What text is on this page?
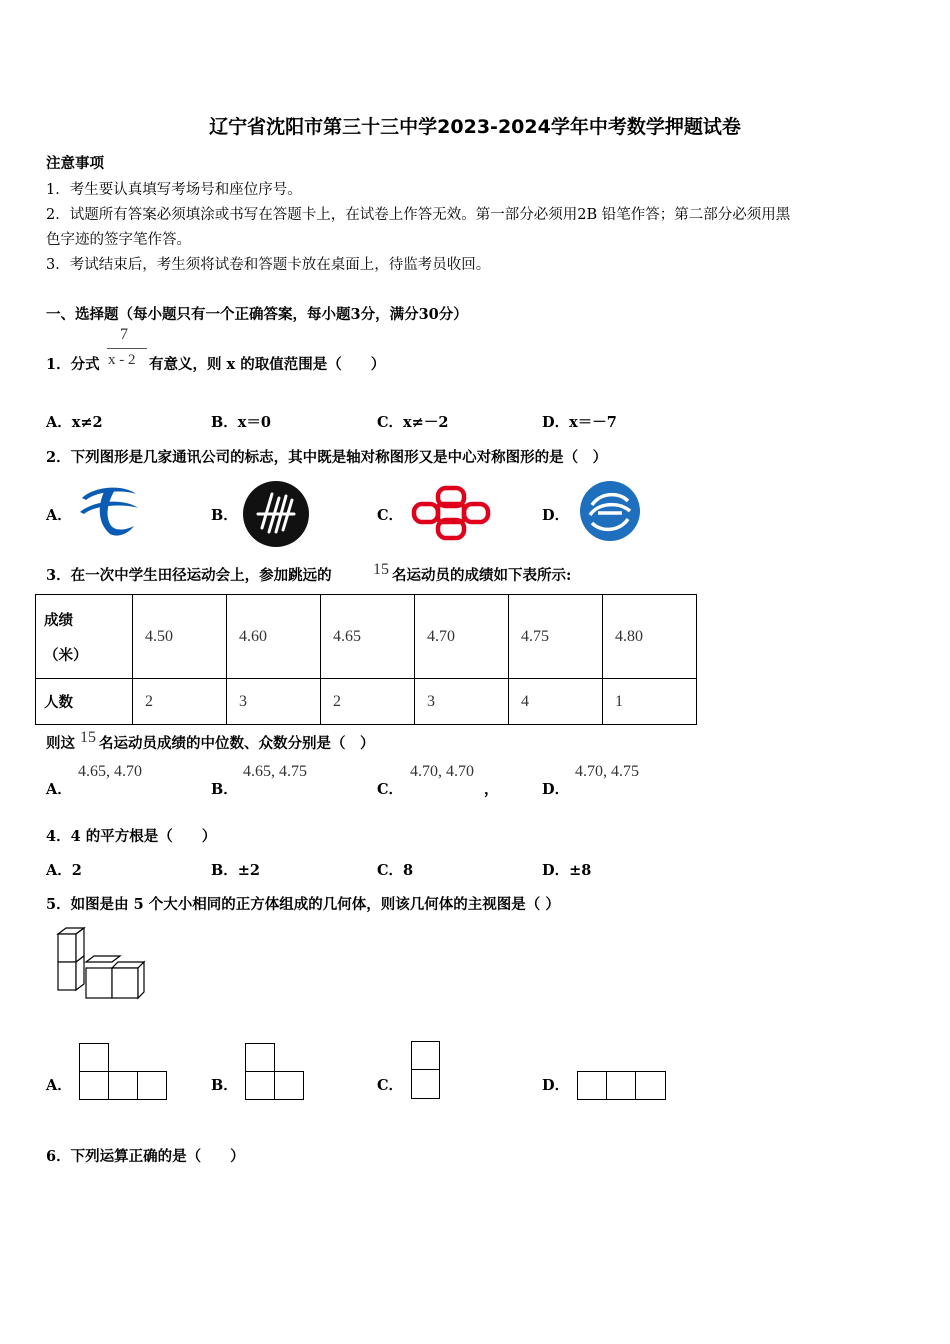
辽宁省沈阳市第三十三中学2023-2024学年中考数学押题试卷
注意事项
1．考生要认真填写考场号和座位序号。
2．试题所有答案必须填涂或书写在答题卡上，在试卷上作答无效。第一部分必须用2B 铅笔作答；第二部分必须用黑
色字迹的签字笔作答。
3．考试结束后，考生须将试卷和答题卡放在桌面上，待监考员收回。
一、选择题（每小题只有一个正确答案，每小题3分，满分30分）
1．分式
7
x - 2 有意义，则 x 的取值范围是（　　）
A．x≠2	B．x＝0	C．x≠－2	D．x＝－7
2．下列图形是几家通讯公司的标志，其中既是轴对称图形又是中心对称图形的是（　）
A．	B．	C．	D．
3．在一次中学生田径运动会上，参加跳远的	15 名运动员的成绩如下表所示:
成绩
（米）	4.50	4.60	4.65	4.70	4.75	4.80
人数	2	3	2	3	4	1
则这 15 名运动员成绩的中位数、众数分别是（　）
A．
4.65, 4.70
B．
4.65, 4.75
C．
4.70, 4.70
，	D．
4.70, 4.75
4．4 的平方根是（　　）
A．2	B．±2	C．8	D．±8
5．如图是由 5 个大小相同的正方体组成的几何体，则该几何体的主视图是（ ）
A．	B．	C．	D．
6．下列运算正确的是（　　）
